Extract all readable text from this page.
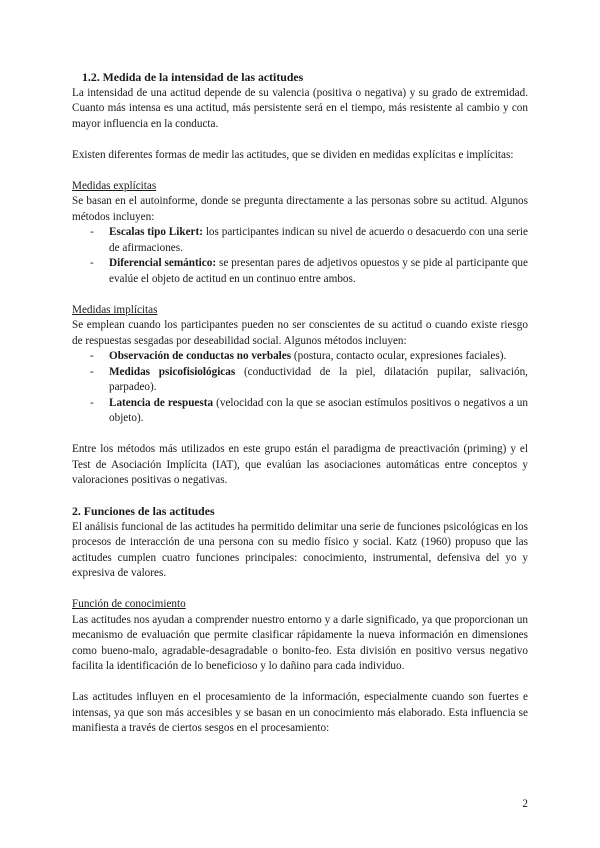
1.2. Medida de la intensidad de las actitudes

La intensidad de una actitud depende de su valencia (positiva o negativa) y su grado de extremidad. Cuanto más intensa es una actitud, más persistente será en el tiempo, más resistente al cambio y con mayor influencia en la conducta.

Existen diferentes formas de medir las actitudes, que se dividen en medidas explícitas e implícitas:

Medidas explícitas

Se basan en el autoinforme, donde se pregunta directamente a las personas sobre su actitud. Algunos métodos incluyen:

- Escalas tipo Likert: los participantes indican su nivel de acuerdo o desacuerdo con una serie de afirmaciones.
- Diferencial semántico: se presentan pares de adjetivos opuestos y se pide al participante que evalúe el objeto de actitud en un continuo entre ambos.

Medidas implícitas

Se emplean cuando los participantes pueden no ser conscientes de su actitud o cuando existe riesgo de respuestas sesgadas por deseabilidad social. Algunos métodos incluyen:

- Observación de conductas no verbales (postura, contacto ocular, expresiones faciales).
- Medidas psicofisiológicas (conductividad de la piel, dilatación pupilar, salivación, parpadeo).
- Latencia de respuesta (velocidad con la que se asocian estímulos positivos o negativos a un objeto).

Entre los métodos más utilizados en este grupo están el paradigma de preactivación (priming) y el Test de Asociación Implícita (IAT), que evalúan las asociaciones automáticas entre conceptos y valoraciones positivas o negativas.

2. Funciones de las actitudes

El análisis funcional de las actitudes ha permitido delimitar una serie de funciones psicológicas en los procesos de interacción de una persona con su medio físico y social. Katz (1960) propuso que las actitudes cumplen cuatro funciones principales: conocimiento, instrumental, defensiva del yo y expresiva de valores.

Función de conocimiento

Las actitudes nos ayudan a comprender nuestro entorno y a darle significado, ya que proporcionan un mecanismo de evaluación que permite clasificar rápidamente la nueva información en dimensiones como bueno-malo, agradable-desagradable o bonito-feo. Esta división en positivo versus negativo facilita la identificación de lo beneficioso y lo dañino para cada individuo.

Las actitudes influyen en el procesamiento de la información, especialmente cuando son fuertes e intensas, ya que son más accesibles y se basan en un conocimiento más elaborado. Esta influencia se manifiesta a través de ciertos sesgos en el procesamiento:

2
